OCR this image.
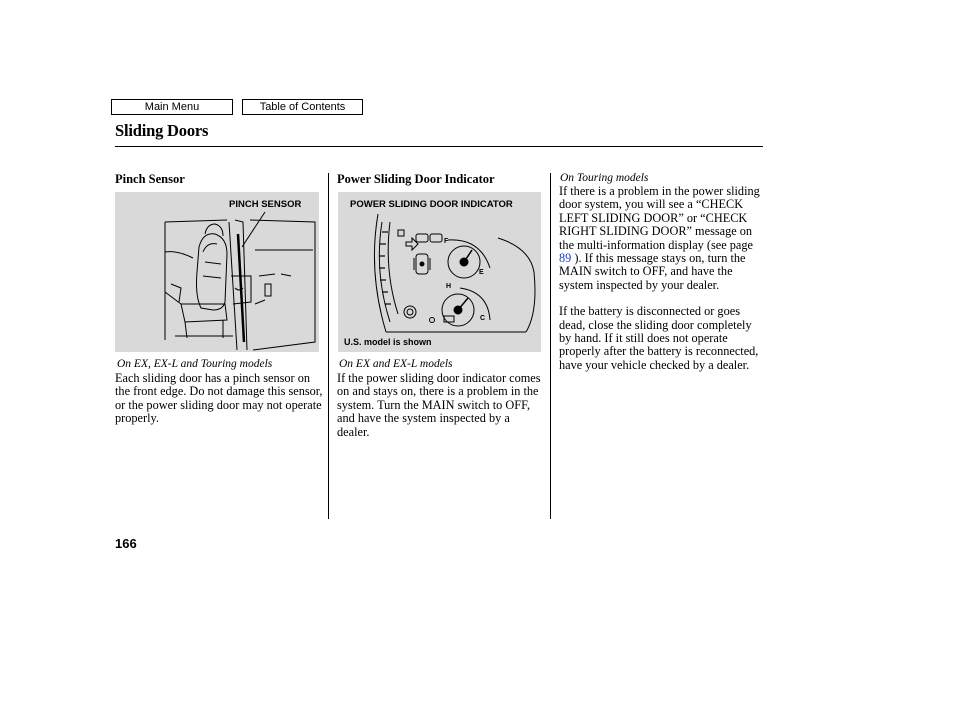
Main Menu	Table of Contents
Sliding Doors
Pinch Sensor
PINCH SENSOR
On EX, EX-L and Touring models
Each sliding door has a pinch sensor on the front edge. Do not damage this sensor, or the power sliding door may not operate properly.
Power Sliding Door Indicator
POWER SLIDING DOOR INDICATOR
F
E
H
C
U.S. model is shown
On EX and EX-L models
If the power sliding door indicator comes on and stays on, there is a problem in the system. Turn the MAIN switch to OFF, and have the system inspected by a dealer.
On Touring models

If there is a problem in the power sliding door system, you will see a “CHECK LEFT SLIDING DOOR” or “CHECK RIGHT SLIDING DOOR” message on the multi-information display (see page 89 ). If this message stays on, turn the MAIN switch to OFF, and have the system inspected by your dealer.

If the battery is disconnected or goes dead, close the sliding door completely by hand. If it still does not operate properly after the battery is reconnected, have your vehicle checked by a dealer.

166
